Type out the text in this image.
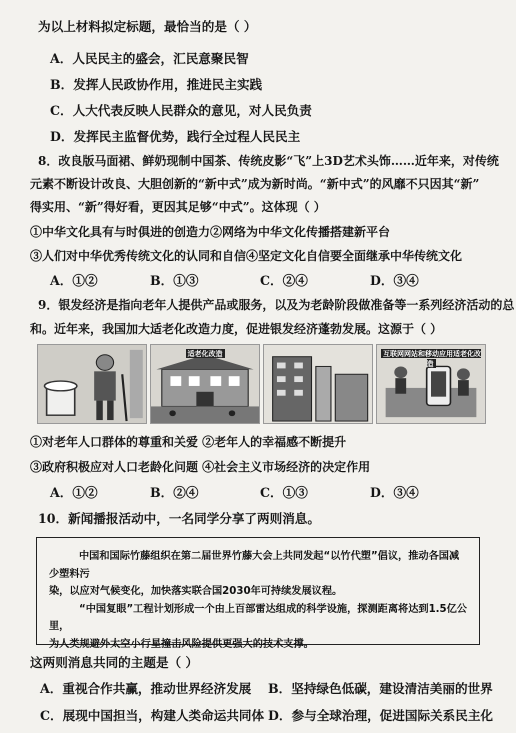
为以上材料拟定标题，最恰当的是（ ）
A．人民民主的盛会，汇民意聚民智
B．发挥人民政协作用，推进民主实践
C．人大代表反映人民群众的意见，对人民负责
D．发挥民主监督优势，践行全过程人民民主
8．改良版马面裙、鲜奶现制中国茶、传统皮影“飞”上3D艺术头饰……近年来，对传统
元素不断设计改良、大胆创新的“新中式”成为新时尚。“新中式”的风靡不只因其“新”
得实用、“新”得好看，更因其足够“中式”。这体现（ ）
①中华文化具有与时俱进的创造力②网络为中华文化传播搭建新平台
③人们对中华优秀传统文化的认同和自信④坚定文化自信要全面继承中华传统文化
A．①②	B．①③	C．②④	D．③④
9．银发经济是指向老年人提供产品或服务，以及为老龄阶段做准备等一系列经济活动的总
和。近年来，我国加大适老化改造力度，促进银发经济蓬勃发展。这源于（ ）
适老化改造	互联网网站和移动应用适老化改造
①对老年人口群体的尊重和关爱 ②老年人的幸福感不断提升
③政府积极应对人口老龄化问题 ④社会主义市场经济的决定作用
A．①②	B．②④	C．①③	D．③④
10．新闻播报活动中，一名同学分享了两则消息。

中国和国际竹藤组织在第二届世界竹藤大会上共同发起“以竹代塑”倡议，推动各国减少塑料污

染，以应对气候变化，加快落实联合国2030年可持续发展议程。

“中国复眼”工程计划形成一个由上百部雷达组成的科学设施，探测距离将达到1.5亿公里，

为人类规避外太空小行星撞击风险提供更强大的技术支撑。

这两则消息共同的主题是（ ）
A．重视合作共赢，推动世界经济发展	B．坚持绿色低碳，建设清洁美丽的世界
C．展现中国担当，构建人类命运共同体 D．参与全球治理，促进国际关系民主化
